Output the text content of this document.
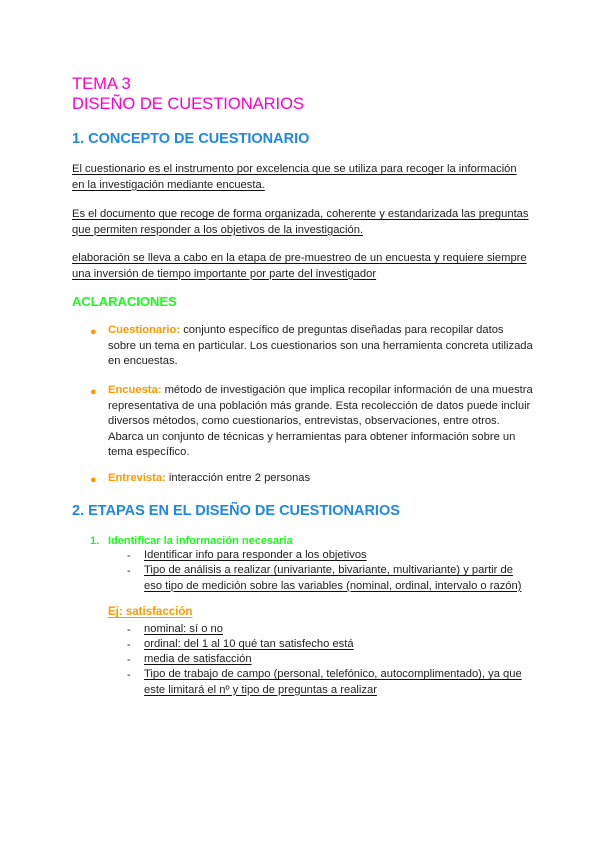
TEMA 3
DISEÑO DE CUESTIONARIOS
1. CONCEPTO DE CUESTIONARIO
El cuestionario es el instrumento por excelencia que se utiliza para recoger la información en la investigación mediante encuesta.
Es el documento que recoge de forma organizada, coherente y estandarizada las preguntas que permiten responder a los objetivos de la investigación.
elaboración se lleva a cabo en la etapa de pre-muestreo de un encuesta y requiere siempre una inversión de tiempo importante por parte del investigador
ACLARACIONES
●	Cuestionario: conjunto específico de preguntas diseñadas para recopilar datos sobre un tema en particular. Los cuestionarios son una herramienta concreta utilizada en encuestas.
●	Encuesta: método de investigación que implica recopilar información de una muestra representativa de una población más grande. Esta recolección de datos puede incluir diversos métodos, como cuestionarios, entrevistas, observaciones, entre otros. Abarca un conjunto de técnicas y herramientas para obtener información sobre un tema específico.
●	Entrevista: interacción entre 2 personas
2. ETAPAS EN EL DISEÑO DE CUESTIONARIOS
1. Identificar la información necesaria
- Identificar info para responder a los objetivos
- Tipo de análisis a realizar (univariante, bivariante, multivariante) y partir de eso tipo de medición sobre las variables (nominal, ordinal, intervalo o razón)
Ej: satisfacción
- nominal: sí o no
- ordinal: del 1 al 10 qué tan satisfecho está
- media de satisfacción
- Tipo de trabajo de campo (personal, telefónico, autocomplimentado), ya que este limitará el nº y tipo de preguntas a realizar
